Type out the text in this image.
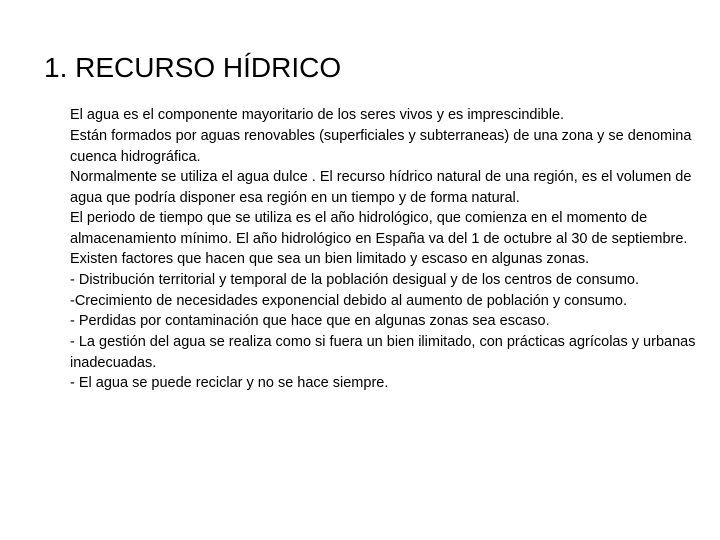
1. RECURSO HÍDRICO

El agua es el componente mayoritario de los seres vivos y es imprescindible.

Están formados por aguas renovables (superficiales y subterraneas) de una zona y se denomina cuenca hidrográfica.

Normalmente se utiliza el agua dulce . El recurso hídrico natural de una región, es el volumen de agua que podría disponer esa región en un tiempo y de forma natural.

El periodo de tiempo que se utiliza es el año hidrológico, que comienza en el momento de almacenamiento mínimo. El año hidrológico en España va del 1 de octubre al 30 de septiembre.

Existen factores que hacen que sea un bien limitado y escaso en algunas zonas.

- Distribución territorial y temporal de la población desigual y de los centros de consumo.

-Crecimiento de necesidades exponencial debido al aumento de población y consumo.

- Perdidas por contaminación que hace que en algunas zonas sea escaso.

- La gestión del agua se realiza como si fuera un bien ilimitado, con prácticas agrícolas y urbanas inadecuadas.

- El agua se puede reciclar y no se hace siempre.
